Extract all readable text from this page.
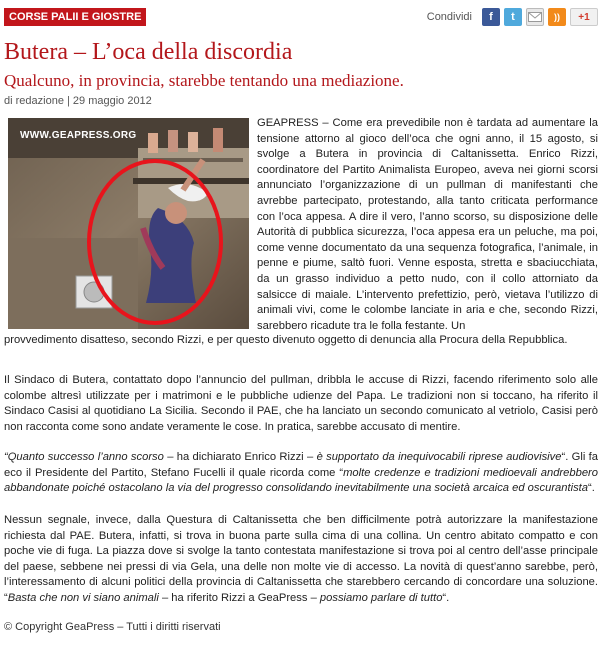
CORSE PALII E GIOSTRE	Condividi	f	t	))	+1
Butera – L’oca della discordia
Qualcuno, in provincia, starebbe tentando una mediazione.
di redazione | 29 maggio 2012
WWW.GEAPRESS.ORG

GEAPRESS – Come era prevedibile non è tardata ad aumentare la tensione attorno al gioco dell’oca che ogni anno, il 15 agosto, si svolge a Butera in provincia di Caltanissetta. Enrico Rizzi, coordinatore del Partito Animalista Europeo, aveva nei giorni scorsi annunciato l’organizzazione di un pullman di manifestanti che avrebbe partecipato, protestando, alla tanto criticata performance con l’oca appesa. A dire il vero, l’anno scorso, su disposizione delle Autorità di pubblica sicurezza, l’oca appesa era un peluche, ma poi, come venne documentato da una sequenza fotografica, l’animale, in penne e piume, saltò fuori. Venne esposta, stretta e sbaciucchiata, da un grasso individuo a petto nudo, con il collo attorniato da salsicce di maiale. L’intervento prefettizio, però, vietava l’utilizzo di animali vivi, come le colombe lanciate in aria e che, secondo Rizzi, sarebbero ricadute tra le folla festante. Un

provvedimento disatteso, secondo Rizzi, e per questo divenuto oggetto di denuncia alla Procura della Repubblica.

Il Sindaco di Butera, contattato dopo l’annuncio del pullman, dribbla le accuse di Rizzi, facendo riferimento solo alle colombe altresì utilizzate per i matrimoni e le pubbliche udienze del Papa. Le tradizioni non si toccano, ha riferito il Sindaco Casisi al quotidiano La Sicilia. Secondo il PAE, che ha lanciato un secondo comunicato al vetriolo, Casisi però non racconta come sono andate veramente le cose. In pratica, sarebbe accusato di mentire.

“Quanto successo l’anno scorso – ha dichiarato Enrico Rizzi – è supportato da inequivocabili riprese audiovisive“. Gli fa eco il Presidente del Partito, Stefano Fucelli il quale ricorda come “molte credenze e tradizioni medioevali andrebbero abbandonate poiché ostacolano la via del progresso consolidando inevitabilmente una società arcaica ed oscurantista“.

Nessun segnale, invece, dalla Questura di Caltanissetta che ben difficilmente potrà autorizzare la manifestazione richiesta dal PAE. Butera, infatti, si trova in buona parte sulla cima di una collina. Un centro abitato compatto e con poche vie di fuga. La piazza dove si svolge la tanto contestata manifestazione si trova poi al centro dell’asse principale del paese, sebbene nei pressi di via Gela, una delle non molte vie di accesso. La novità di quest’anno sarebbe, però, l’interessamento di alcuni politici della provincia di Caltanissetta che starebbero cercando di concordare una soluzione. “Basta che non vi siano animali – ha riferito Rizzi a GeaPress – possiamo parlare di tutto“.

© Copyright GeaPress – Tutti i diritti riservati
